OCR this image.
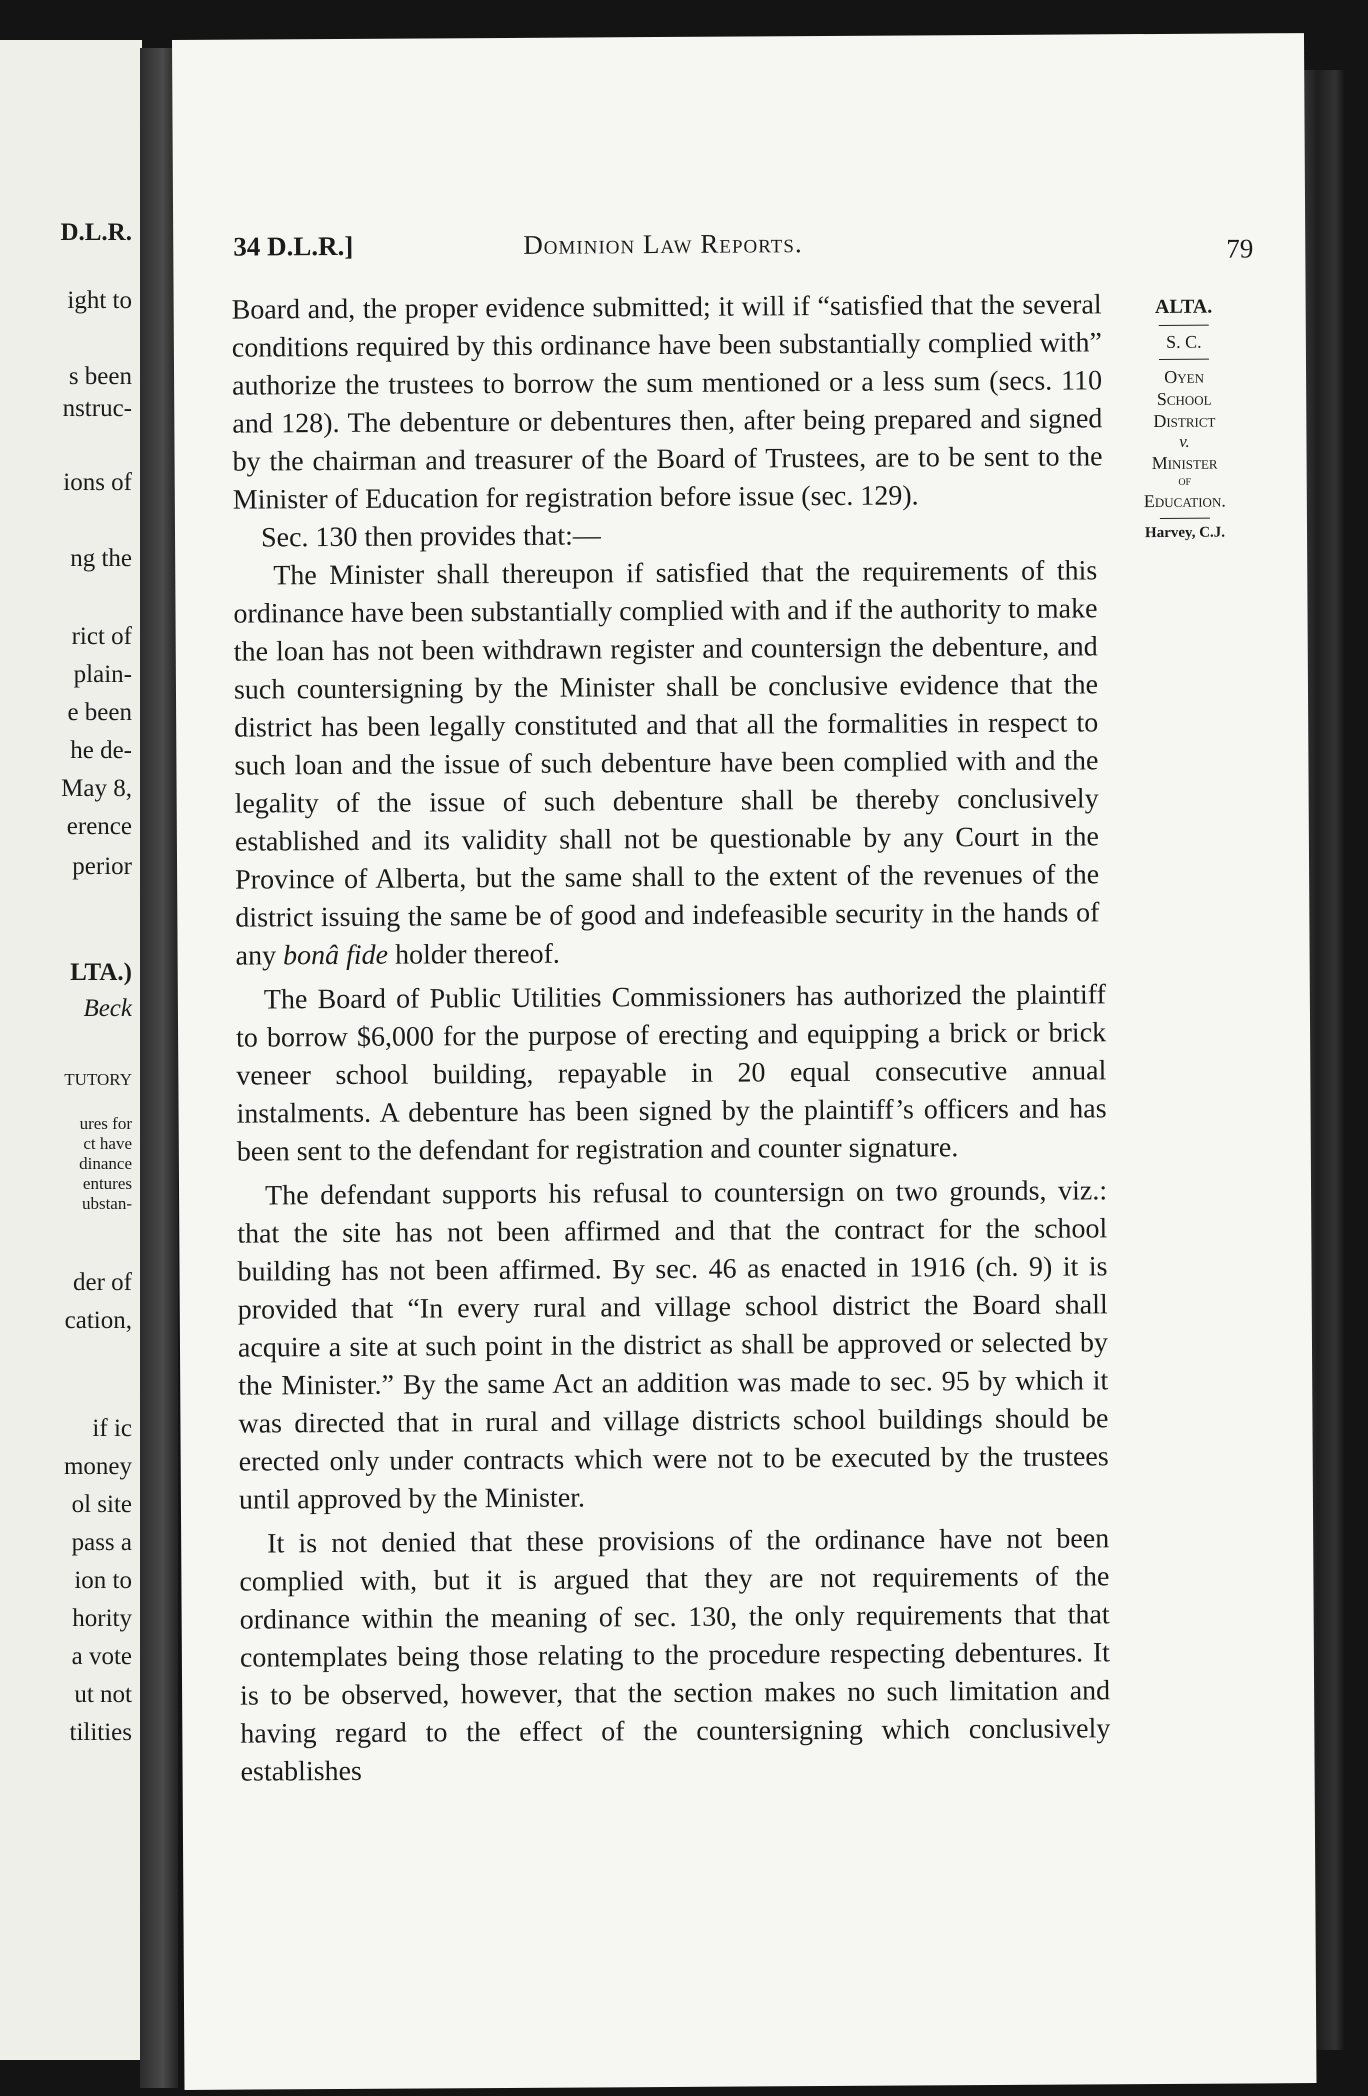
D.L.R.
ight to
s been
nstruc-
ions of
ng the
rict of
plain-
e been
he de-
May 8,
erence
perior
LTA.)
Beck
TUTORY
ures for
ct have
dinance
entures
ubstan-
der of
cation,
if ic
money
ol site
pass a
ion to
hority
a vote
ut not
tilities
34 D.L.R.]	Dominion Law Reports.	79
ALTA.
S. C.
Oyen
School
District
v.
Minister
of
Education.
Harvey, C.J.

Board and, the proper evidence submitted; it will if “satisfied that the several conditions required by this ordinance have been substantially complied with” authorize the trustees to borrow the sum mentioned or a less sum (secs. 110 and 128). The debenture or debentures then, after being prepared and signed by the chairman and treasurer of the Board of Trustees, are to be sent to the Minister of Education for registration before issue (sec. 129).

Sec. 130 then provides that:—

The Minister shall thereupon if satisfied that the requirements of this ordinance have been substantially complied with and if the authority to make the loan has not been withdrawn register and countersign the debenture, and such countersigning by the Minister shall be conclusive evidence that the district has been legally constituted and that all the formalities in respect to such loan and the issue of such debenture have been complied with and the legality of the issue of such debenture shall be thereby conclusively established and its validity shall not be questionable by any Court in the Province of Alberta, but the same shall to the extent of the revenues of the district issuing the same be of good and indefeasible security in the hands of any bonâ fide holder thereof.

The Board of Public Utilities Commissioners has authorized the plaintiff to borrow $6,000 for the purpose of erecting and equipping a brick or brick veneer school building, repayable in 20 equal consecutive annual instalments. A debenture has been signed by the plaintiff’s officers and has been sent to the defendant for registration and counter signature.

The defendant supports his refusal to countersign on two grounds, viz.: that the site has not been affirmed and that the contract for the school building has not been affirmed. By sec. 46 as enacted in 1916 (ch. 9) it is provided that “In every rural and village school district the Board shall acquire a site at such point in the district as shall be approved or selected by the Minister.” By the same Act an addition was made to sec. 95 by which it was directed that in rural and village districts school buildings should be erected only under contracts which were not to be executed by the trustees until approved by the Minister.

It is not denied that these provisions of the ordinance have not been complied with, but it is argued that they are not requirements of the ordinance within the meaning of sec. 130, the only requirements that that contemplates being those relating to the procedure respecting debentures. It is to be observed, however, that the section makes no such limitation and having regard to the effect of the countersigning which conclusively establishes
